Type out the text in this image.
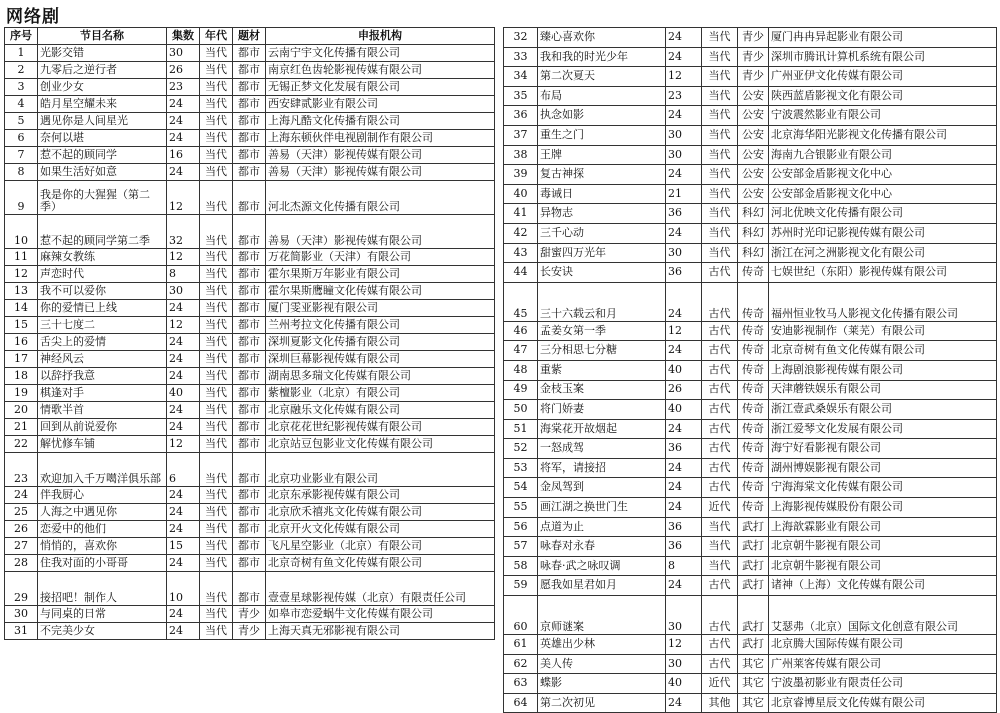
网络剧
序号	节目名称	集数	年代	题材	申报机构
1	光影交错	30	当代	都市	云南宁宇文化传播有限公司
2	九零后之逆行者	26	当代	都市	南京红色齿轮影视传媒有限公司
3	创业少女	23	当代	都市	无锡正梦文化发展有限公司
4	皓月星空耀未来	24	当代	都市	西安肆贰影业有限公司
5	遇见你是人间星光	24	当代	都市	上海凡酷文化传播有限公司
6	奈何以堪	24	当代	都市	上海东顿伙伴电视剧制作有限公司
7	惹不起的顾同学	16	当代	都市	善易（天津）影视传媒有限公司
8	如果生活好如意	24	当代	都市	善易（天津）影视传媒有限公司
9	我是你的大猩猩（第二季）	12	当代	都市	河北杰源文化传播有限公司
10	惹不起的顾同学第二季	32	当代	都市	善易（天津）影视传媒有限公司
11	麻辣女教练	12	当代	都市	万花简影业（天津）有限公司
12	声恋时代	8	当代	都市	霍尔果斯万年影业有限公司
13	我不可以爱你	30	当代	都市	霍尔果斯鹰瞳文化传媒有限公司
14	你的爱情已上线	24	当代	都市	厦门雯亚影视有限公司
15	三十七度二	12	当代	都市	兰州考拉文化传播有限公司
16	舌尖上的爱情	24	当代	都市	深圳夏影文化传播有限公司
17	神经风云	24	当代	都市	深圳巨幕影视传媒有限公司
18	以辞抒我意	24	当代	都市	湖南思多瑞文化传媒有限公司
19	棋逢对手	40	当代	都市	紫檀影业（北京）有限公司
20	情歌半首	24	当代	都市	北京融乐文化传媒有限公司
21	回到从前说爱你	24	当代	都市	北京花花世纪影视传媒有限公司
22	解忧修车铺	12	当代	都市	北京站豆包影业文化传媒有限公司
23	欢迎加入千万噶洋俱乐部	6	当代	都市	北京功业影业有限公司
24	伴我厨心	24	当代	都市	北京东承影视传媒有限公司
25	人海之中遇见你	24	当代	都市	北京欣禾禧兆文化传媒有限公司
26	恋爱中的他们	24	当代	都市	北京开火文化传媒有限公司
27	悄悄的，喜欢你	15	当代	都市	飞凡星空影业（北京）有限公司
28	住我对面的小哥哥	24	当代	都市	北京奇树有鱼文化传媒有限公司
29	接招吧！制作人	10	当代	都市	壹壹星球影视传媒（北京）有限责任公司
30	与同桌的日常	24	当代	青少	如皋市恋爱蜗牛文化传媒有限公司
31	不完美少女	24	当代	青少	上海天真无邪影视有限公司
32	臻心喜欢你	24	当代	青少	厦门冉冉异起影业有限公司
33	我和我的时光少年	24	当代	青少	深圳市腾讯计算机系统有限公司
34	第二次夏天	12	当代	青少	广州亚伊文化传媒有限公司
35	布局	23	当代	公安	陕西蓝盾影视文化有限公司
36	执念如影	24	当代	公安	宁波震然影业有限公司
37	重生之门	30	当代	公安	北京海华阳光影视文化传播有限公司
38	王牌	30	当代	公安	海南九合银影业有限公司
39	复古神探	24	当代	公安	公安部金盾影视文化中心
40	毒诫日	21	当代	公安	公安部金盾影视文化中心
41	异物志	36	当代	科幻	河北优映文化传播有限公司
42	三千心动	24	当代	科幻	苏州时光印记影视传媒有限公司
43	甜蜜四万光年	30	当代	科幻	浙江在河之洲影视文化有限公司
44	长安诀	36	古代	传奇	七娱世纪（东阳）影视传媒有限公司
45	三十六载云和月	24	古代	传奇	福州恒业牧马人影视文化传播有限公司
46	孟姜女第一季	12	古代	传奇	安迪影视制作（莱芜）有限公司
47	三分相思七分糖	24	古代	传奇	北京奇树有鱼文化传媒有限公司
48	重紫	40	古代	传奇	上海剧浪影视传媒有限公司
49	金枝玉案	26	古代	传奇	天津蘑铁娱乐有限公司
50	将门娇妻	40	古代	传奇	浙江壹武桑娱乐有限公司
51	海棠花开故烟起	24	古代	传奇	浙江爱琴文化发展有限公司
52	一怒成驾	36	古代	传奇	海宁好看影视有限公司
53	将军，请接招	24	古代	传奇	湖州博娱影视有限公司
54	金凤驾到	24	古代	传奇	宁海海棠文化传媒有限公司
55	画江湖之换世门生	24	近代	传奇	上海影视传媒股份有限公司
56	点道为止	36	当代	武打	上海歆霖影业有限公司
57	咏春对永春	36	当代	武打	北京朝牛影视有限公司
58	咏春·武之咏叹调	8	当代	武打	北京朝牛影视有限公司
59	愿我如星君如月	24	古代	武打	诸神（上海）文化传媒有限公司
60	京师谜案	30	古代	武打	艾瑟弗（北京）国际文化创意有限公司
61	英雄出少林	12	古代	武打	北京腾大国际传媒有限公司
62	美人传	30	古代	其它	广州莱客传媒有限公司
63	蝶影	40	近代	其它	宁波墨初影业有限责任公司
64	第二次初见	24	其他	其它	北京睿博星辰文化传媒有限公司
